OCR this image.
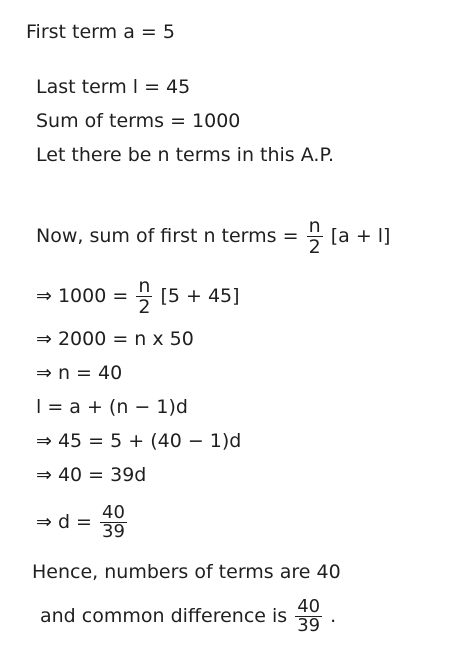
First term a = 5
Last term l = 45
Sum of terms = 1000
Let there be n terms in this A.P.
Now, sum of first n terms = $\frac{n}{2} [a + l]$
⇒ $1000 = \frac{n}{2} [5 + 45]$
⇒ 2000 = n x 50
⇒ n = 40
l = a + (n − 1)d
⇒ 45 = 5 + (40 − 1)d
⇒ 40 = 39d
⇒ $d = \frac{40}{39}$
Hence, numbers of terms are 40
and common difference is $\frac{40}{39}$ .
